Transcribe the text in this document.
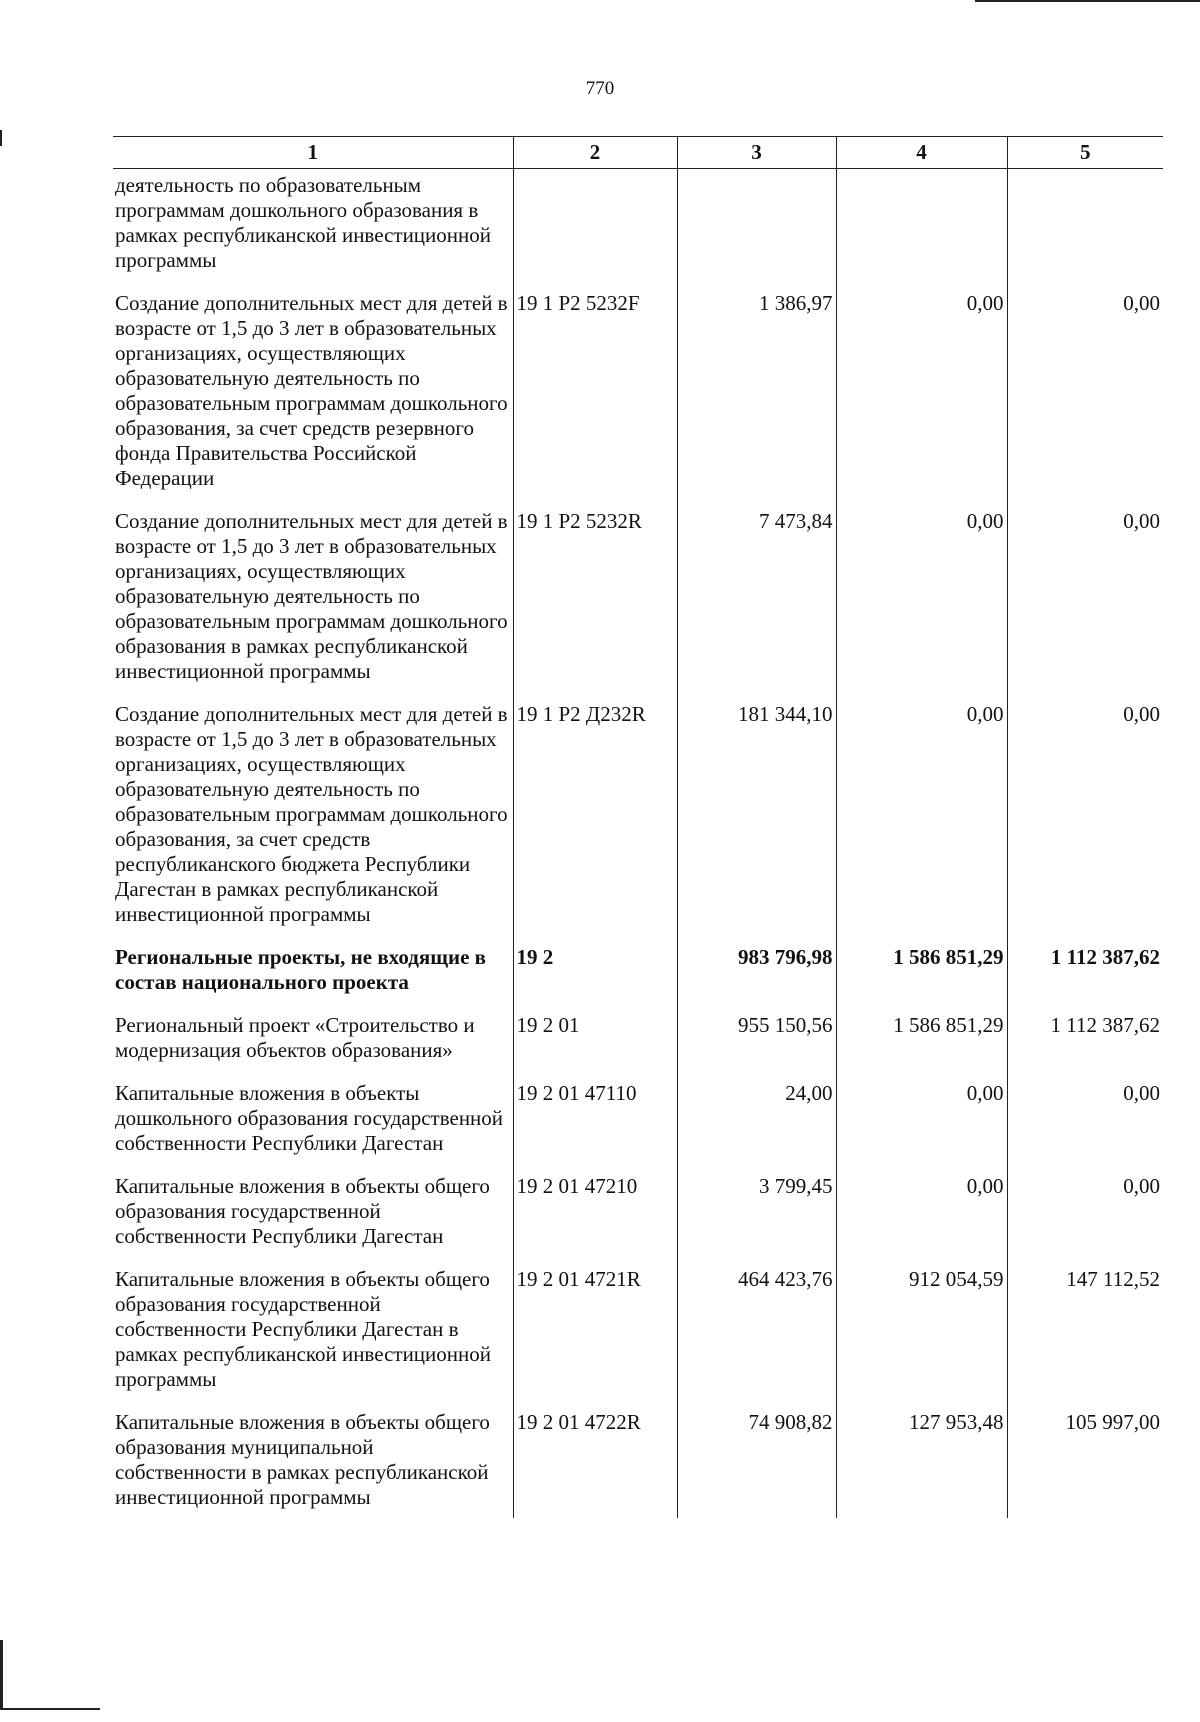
770
1	2	3	4	5
деятельность по образовательным программам дошкольного образования в рамках республиканской инвестиционной программы				
Создание дополнительных мест для детей в возрасте от 1,5 до 3 лет в образовательных организациях, осуществляющих образовательную деятельность по образовательным программам дошкольного образования, за счет средств резервного фонда Правительства Российской Федерации	19 1 P2 5232F	1 386,97	0,00	0,00
Создание дополнительных мест для детей в возрасте от 1,5 до 3 лет в образовательных организациях, осуществляющих образовательную деятельность по образовательным программам дошкольного образования в рамках республиканской инвестиционной программы	19 1 P2 5232R	7 473,84	0,00	0,00
Создание дополнительных мест для детей в возрасте от 1,5 до 3 лет в образовательных организациях, осуществляющих образовательную деятельность по образовательным программам дошкольного образования, за счет средств республиканского бюджета Республики Дагестан в рамках республиканской инвестиционной программы	19 1 P2 Д232R	181 344,10	0,00	0,00
Региональные проекты, не входящие в состав национального проекта	19 2	983 796,98	1 586 851,29	1 112 387,62
Региональный проект «Строительство и модернизация объектов образования»	19 2 01	955 150,56	1 586 851,29	1 112 387,62
Капитальные вложения в объекты дошкольного образования государственной собственности Республики Дагестан	19 2 01 47110	24,00	0,00	0,00
Капитальные вложения в объекты общего образования государственной собственности Республики Дагестан	19 2 01 47210	3 799,45	0,00	0,00
Капитальные вложения в объекты общего образования государственной собственности Республики Дагестан в рамках республиканской инвестиционной программы	19 2 01 4721R	464 423,76	912 054,59	147 112,52
Капитальные вложения в объекты общего образования муниципальной собственности в рамках республиканской инвестиционной программы	19 2 01 4722R	74 908,82	127 953,48	105 997,00
